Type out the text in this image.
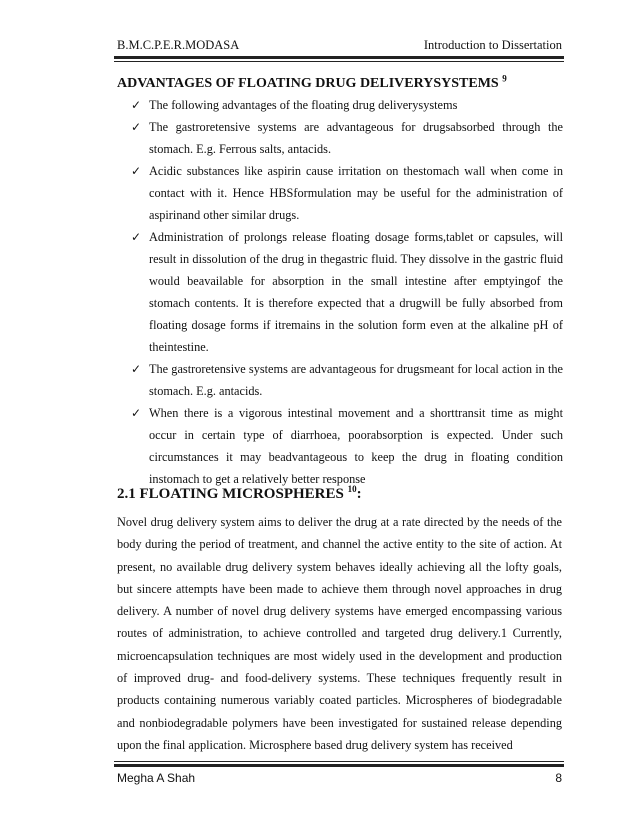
B.M.C.P.E.R.MODASA	Introduction to Dissertation
ADVANTAGES OF FLOATING DRUG DELIVERYSYSTEMS $^9$
✓ The following advantages of the floating drug deliverysystems
✓ The gastroretensive systems are advantageous for drugsabsorbed through the stomach. E.g. Ferrous salts, antacids.
✓ Acidic substances like aspirin cause irritation on thestomach wall when come in contact with it. Hence HBSformulation may be useful for the administration of aspirinand other similar drugs.
✓ Administration of prolongs release floating dosage forms,tablet or capsules, will result in dissolution of the drug in thegastric fluid. They dissolve in the gastric fluid would beavailable for absorption in the small intestine after emptyingof the stomach contents. It is therefore expected that a drugwill be fully absorbed from floating dosage forms if itremains in the solution form even at the alkaline pH of theintestine.
✓ The gastroretensive systems are advantageous for drugsmeant for local action in the stomach. E.g. antacids.
✓ When there is a vigorous intestinal movement and a shorttransit time as might occur in certain type of diarrhoea, poorabsorption is expected. Under such circumstances it may beadvantageous to keep the drug in floating condition instomach to get a relatively better response
2.1 FLOATING MICROSPHERES $^{10}$:

Novel drug delivery system aims to deliver the drug at a rate directed by the needs of the body during the period of treatment, and channel the active entity to the site of action. At present, no available drug delivery system behaves ideally achieving all the lofty goals, but sincere attempts have been made to achieve them through novel approaches in drug delivery. A number of novel drug delivery systems have emerged encompassing various routes of administration, to achieve controlled and targeted drug delivery.1 Currently, microencapsulation techniques are most widely used in the development and production of improved drug- and food-delivery systems. These techniques frequently result in products containing numerous variably coated particles. Microspheres of biodegradable and nonbiodegradable polymers have been investigated for sustained release depending upon the final application. Microsphere based drug delivery system has received

Megha A Shah	8
